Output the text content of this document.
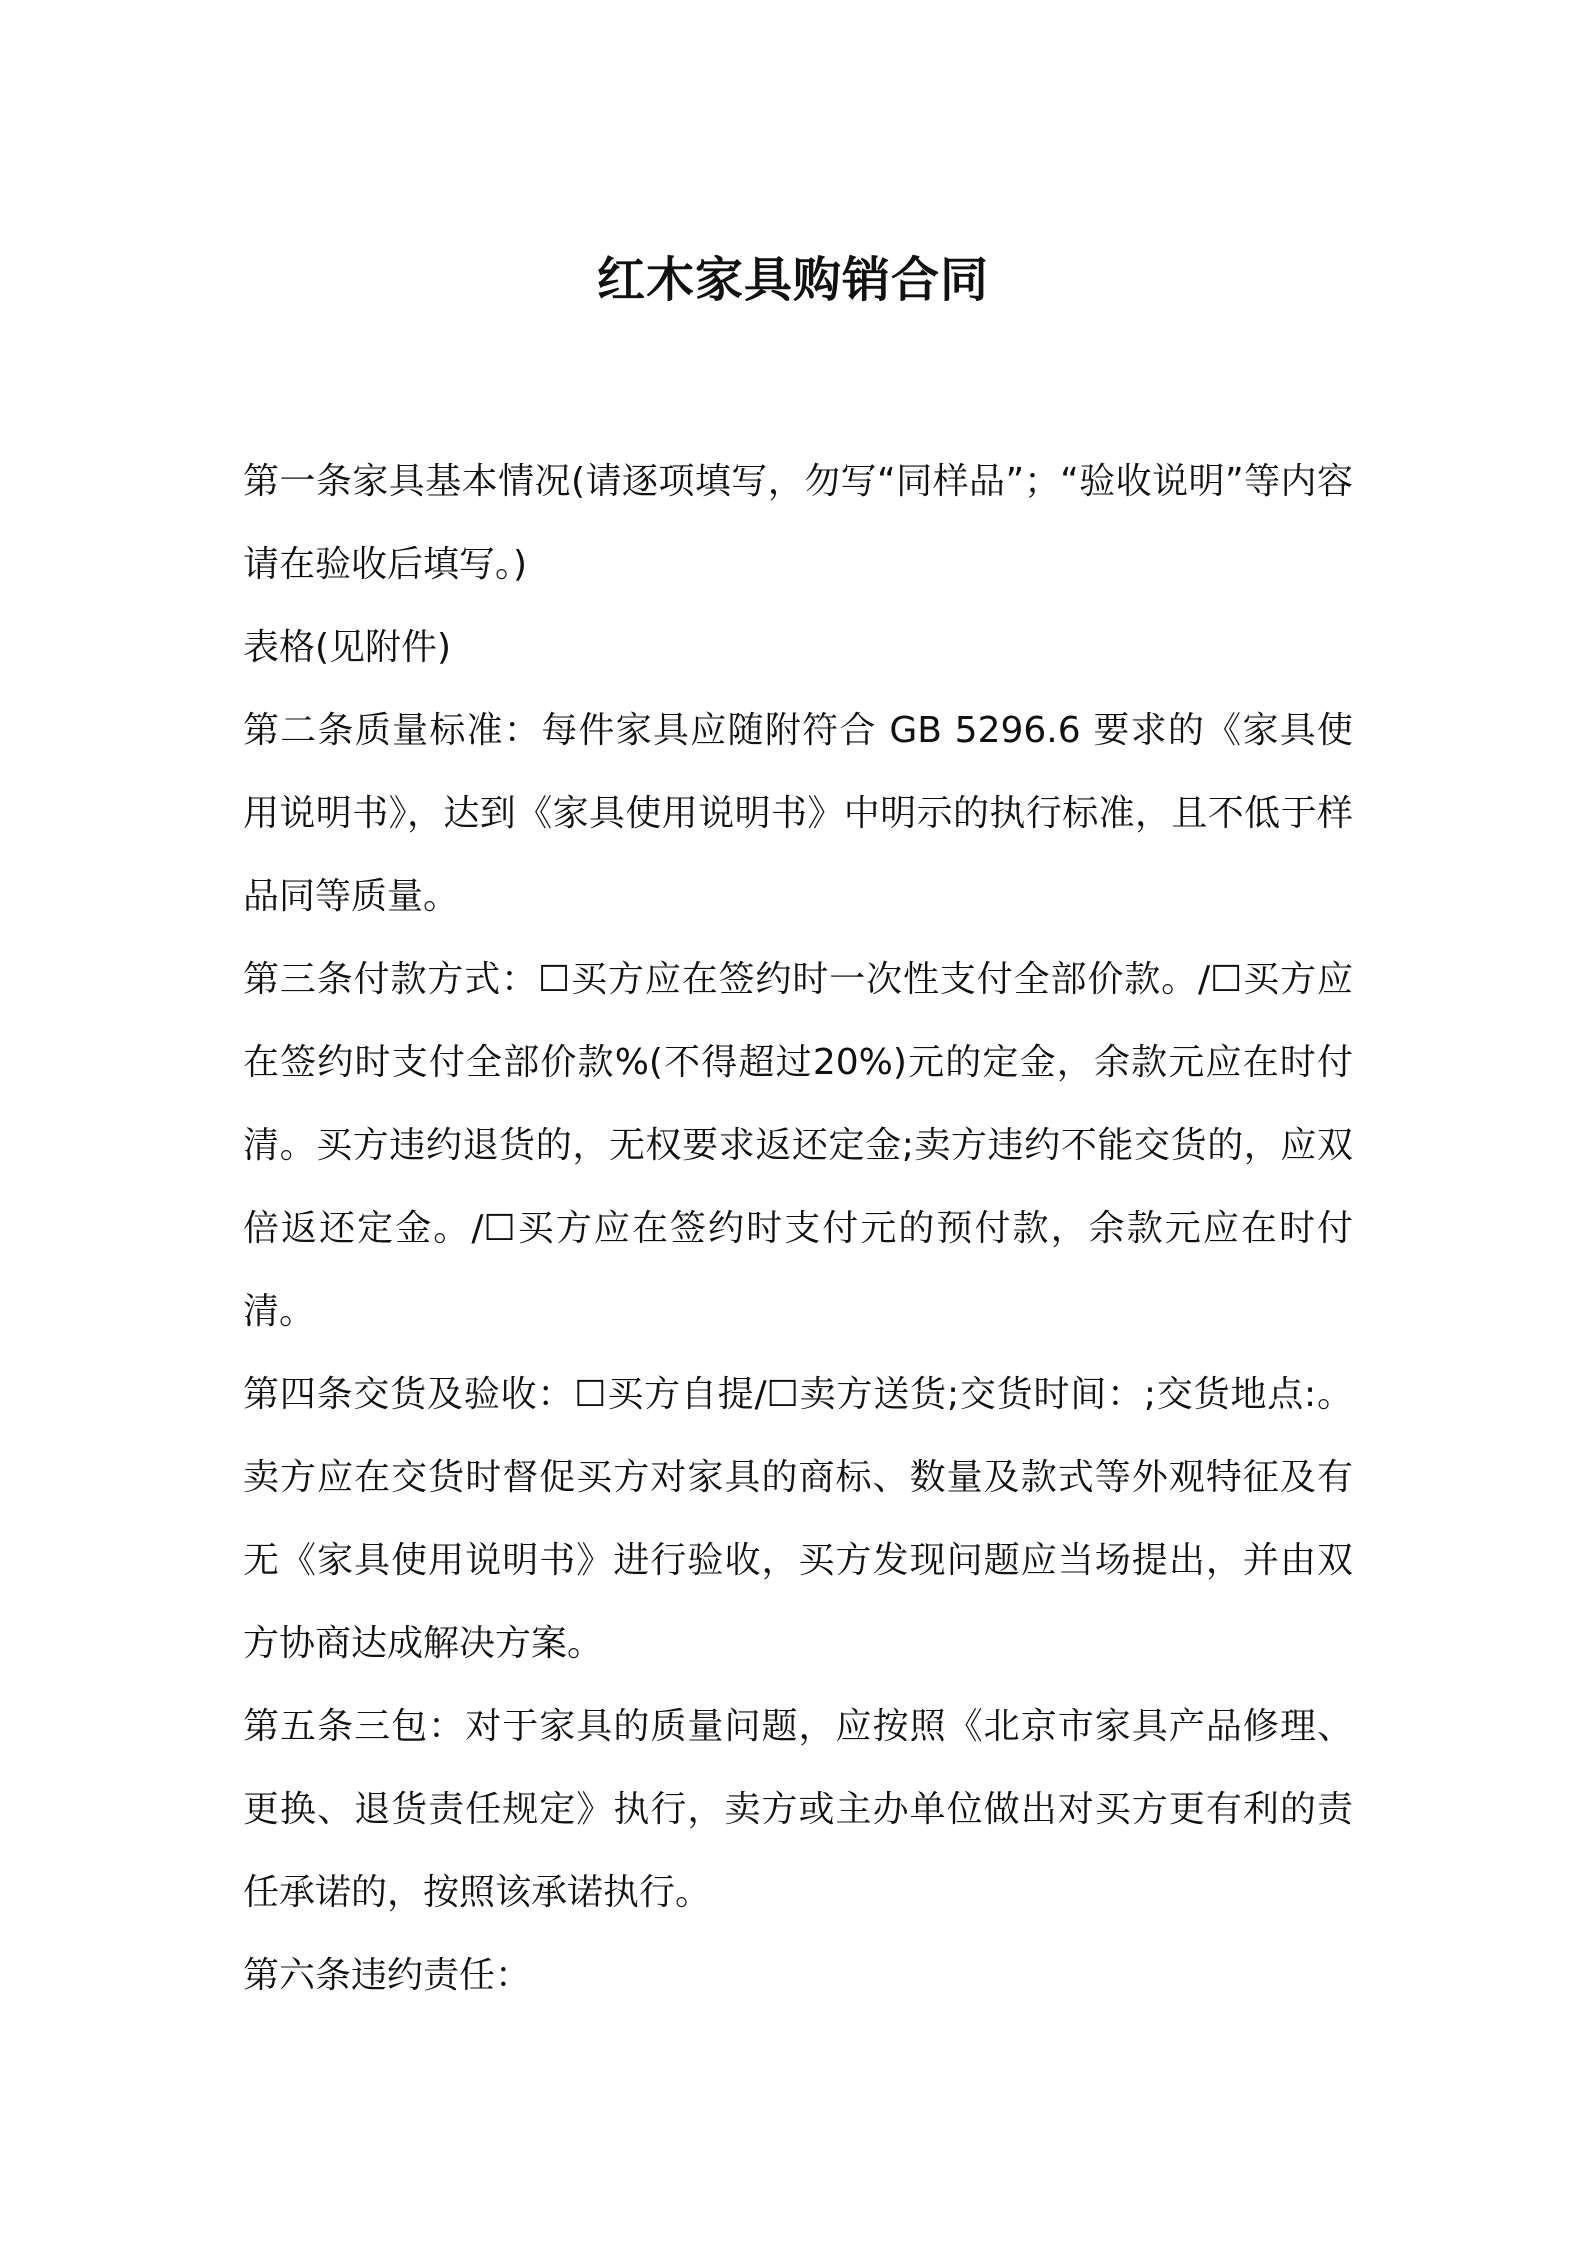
红木家具购销合同

第一条家具基本情况(请逐项填写，勿写“同样品”；“验收说明”等内容请在验收后填写。)

表格(见附件)

第二条质量标准：每件家具应随附符合 GB 5296.6 要求的《家具使用说明书》，达到《家具使用说明书》中明示的执行标准，且不低于样品同等质量。

第三条付款方式：☐买方应在签约时一次性支付全部价款。/☐买方应在签约时支付全部价款%(不得超过20%)元的定金，余款元应在时付清。买方违约退货的，无权要求返还定金;卖方违约不能交货的，应双倍返还定金。/☐买方应在签约时支付元的预付款，余款元应在时付清。

第四条交货及验收：☐买方自提/☐卖方送货;交货时间：;交货地点:。卖方应在交货时督促买方对家具的商标、数量及款式等外观特征及有无《家具使用说明书》进行验收，买方发现问题应当场提出，并由双方协商达成解决方案。

第五条三包：对于家具的质量问题，应按照《北京市家具产品修理、更换、退货责任规定》执行，卖方或主办单位做出对买方更有利的责任承诺的，按照该承诺执行。

第六条违约责任：
